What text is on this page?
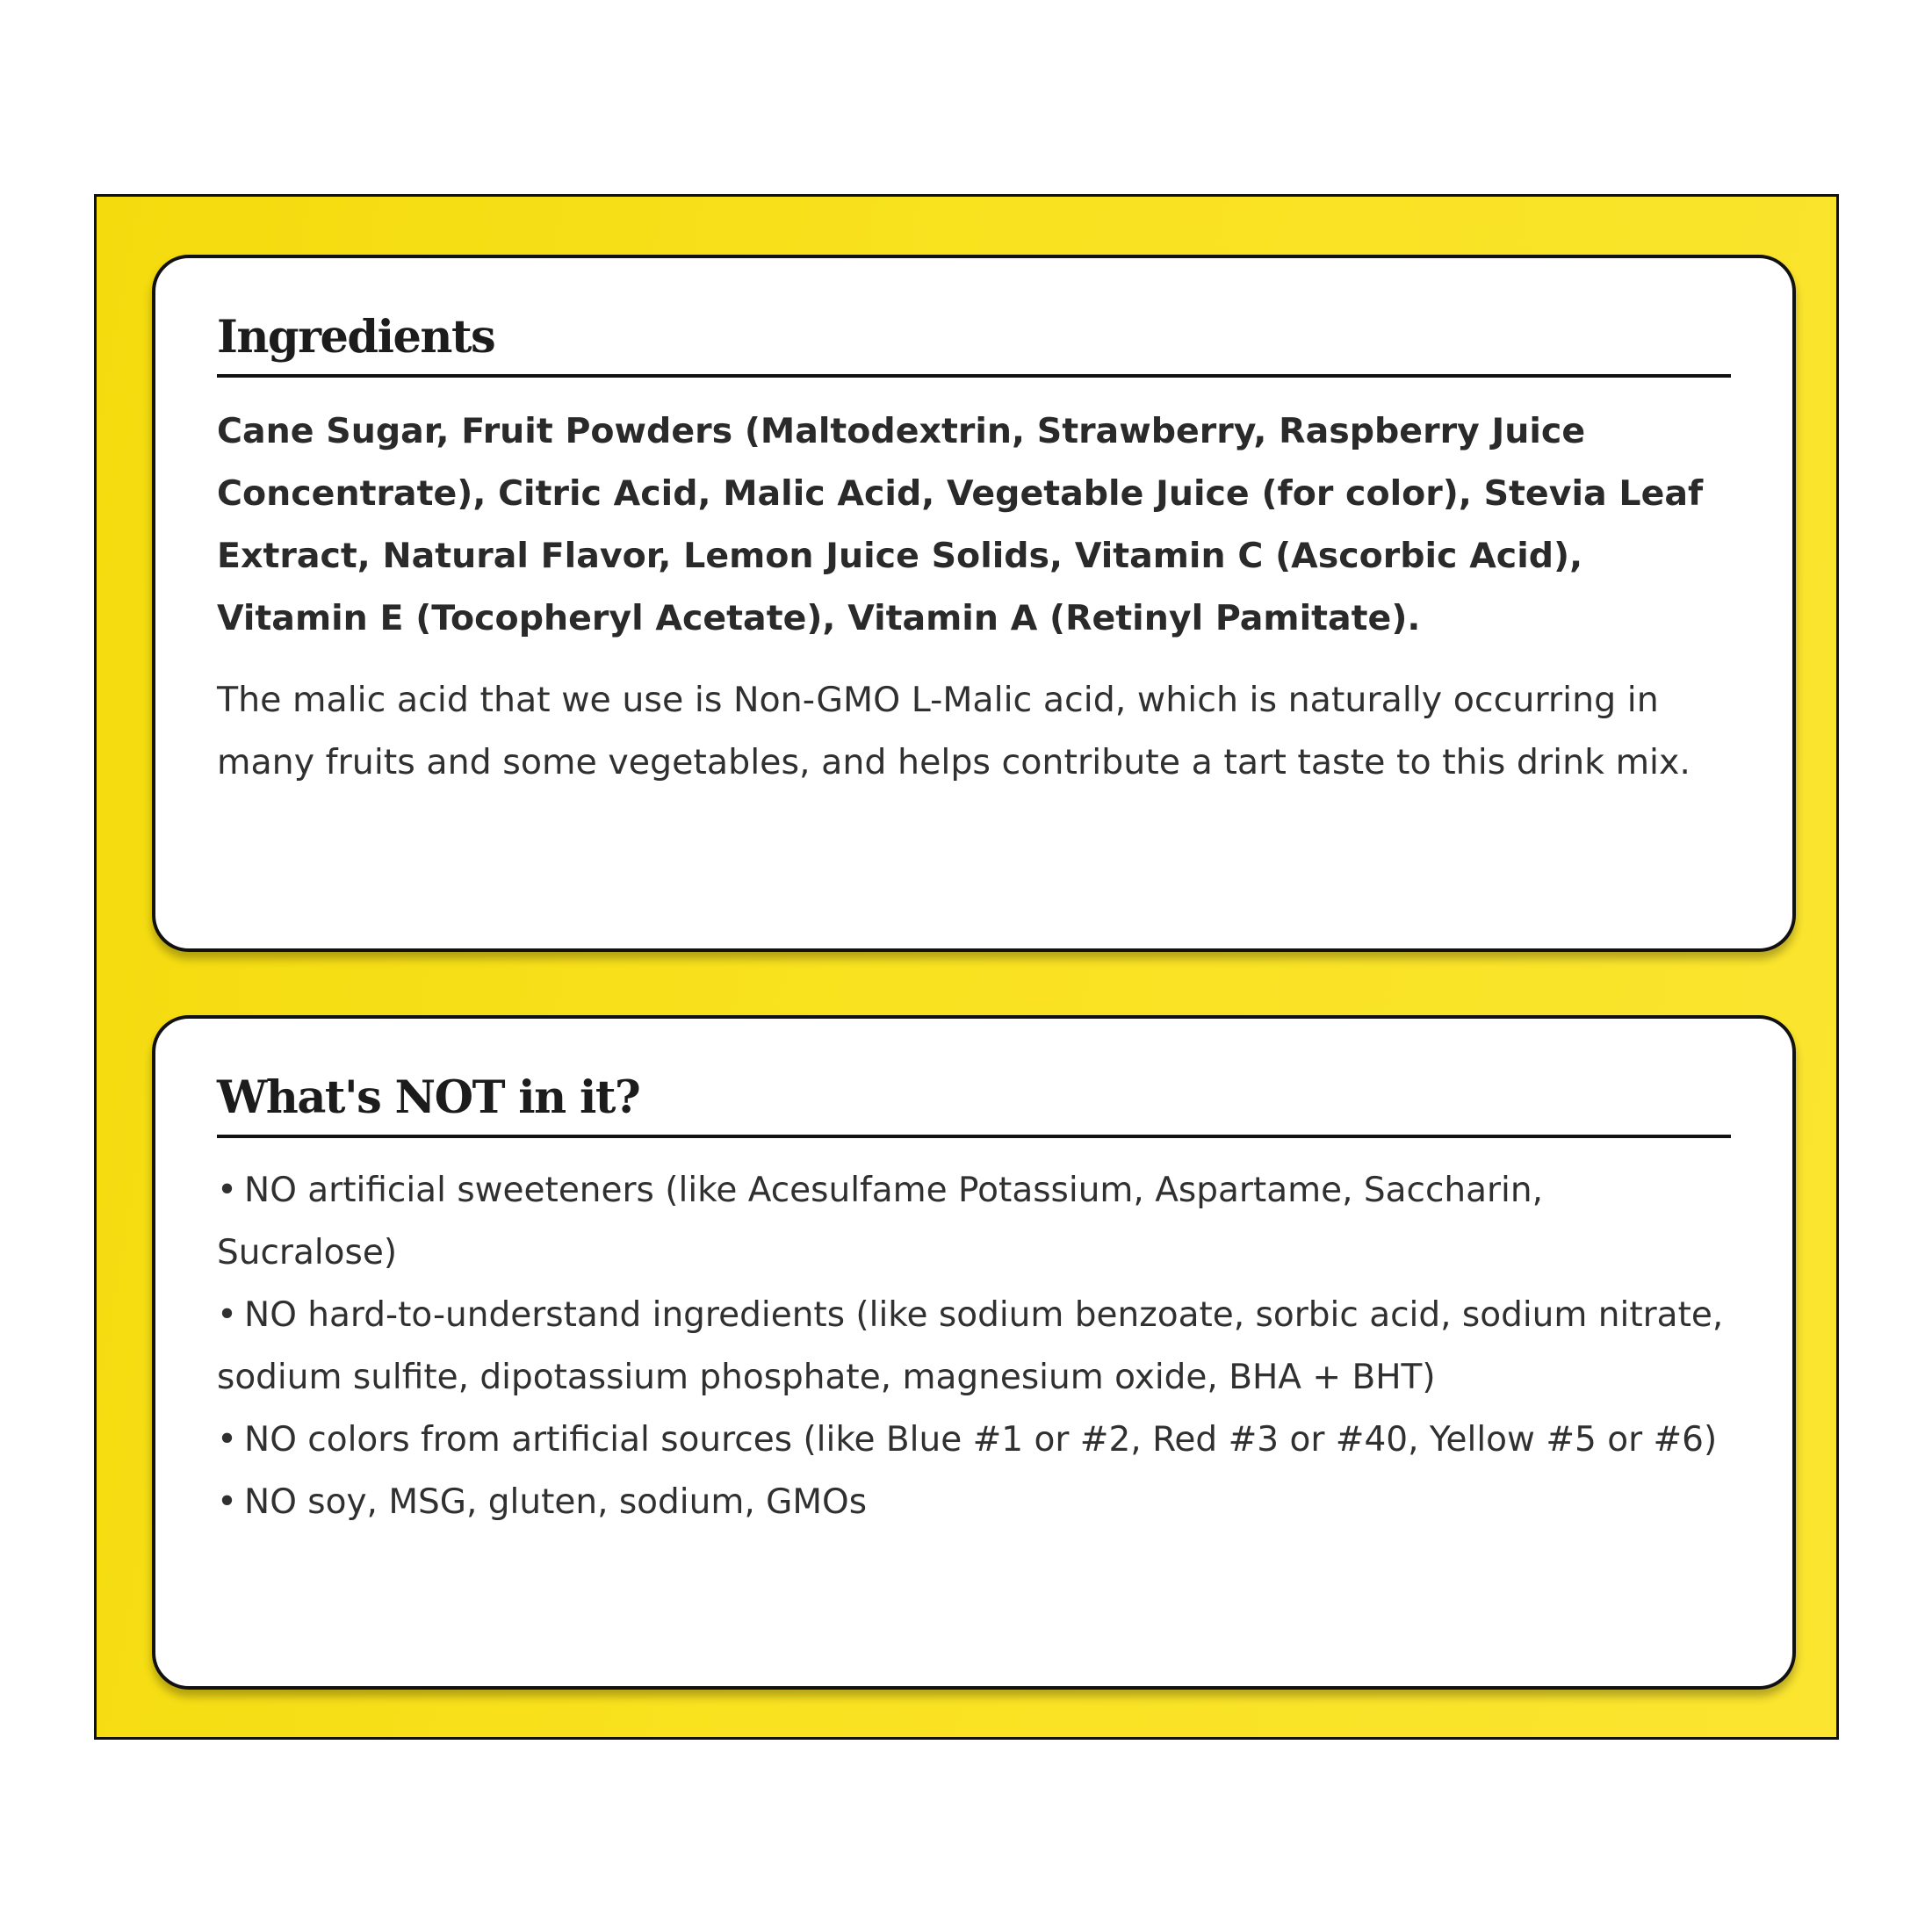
Ingredients

Cane Sugar, Fruit Powders (Maltodextrin, Strawberry, Raspberry Juice Concentrate), Citric Acid, Malic Acid, Vegetable Juice (for color), Stevia Leaf Extract, Natural Flavor, Lemon Juice Solids, Vitamin C (Ascorbic Acid), Vitamin E (Tocopheryl Acetate), Vitamin A (Retinyl Pamitate).

The malic acid that we use is Non-GMO L-Malic acid, which is naturally occurring in many fruits and some vegetables, and helps contribute a tart taste to this drink mix.

What's NOT in it?
• NO artificial sweeteners (like Acesulfame Potassium, Aspartame, Saccharin, Sucralose)
• NO hard-to-understand ingredients (like sodium benzoate, sorbic acid, sodium nitrate, sodium sulfite, dipotassium phosphate, magnesium oxide, BHA + BHT)
• NO colors from artificial sources (like Blue #1 or #2, Red #3 or #40, Yellow #5 or #6)
• NO soy, MSG, gluten, sodium, GMOs
